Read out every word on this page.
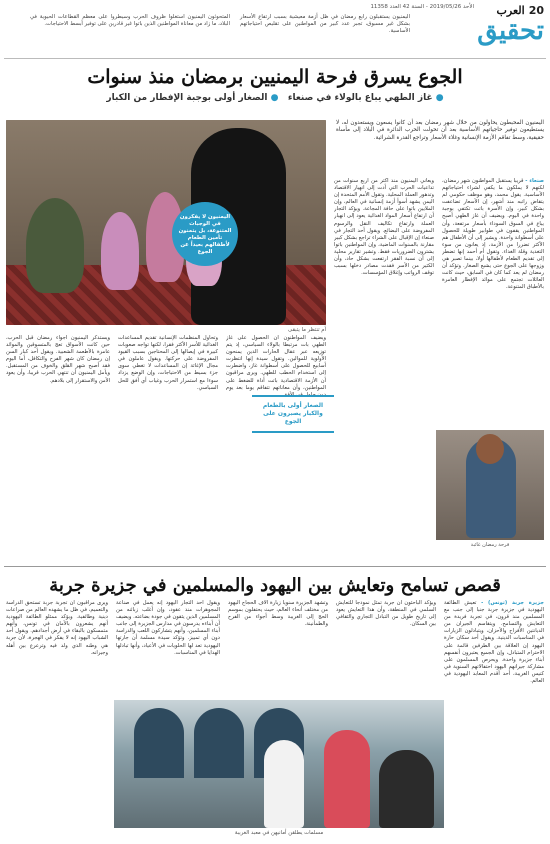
20
العرب
الأحد 2019/05/26 - السنة 42 العدد 11358
تحقيق
اليمنيون يستقبلون رابع رمضان في ظل أزمة معيشية بسبب ارتفاع الأسعار بشكل غير مسبوق، تجبر عدد كبير من المواطنين على تقليص احتياجاتهم الأساسية.
المتحوثون اليمنيون استغلوا ظروف الحرب وسيطروا على معظم القطاعات الحيوية في البلاد، ما زاد من معاناة المواطنين الذين باتوا غير قادرين على توفير أبسط الاحتياجات.
الجوع يسرق فرحة اليمنيين برمضان منذ سنوات
● غاز الطهي يباع بالولاء في صنعاء   ● الصغار أولى بوجبة الإفطار من الكبار
أم تنتظر ما يتبقى

اليمنيون المحبطون يحاولون من خلال شهر رمضان بعد أن كانوا يسعون ويستعدون له، لا يستطيعون توفير حاجياتهم الأساسية بعد أن تحولت الحرب الدائرة في البلاد إلى مأساة حقيقية، وسط تفاقم الأزمة الإنسانية وغلاء الأسعار وتراجع القدرة الشرائية.

صنعاء - قريبا يستقبل المواطنون شهر رمضان، لكنهم لا يملكون ما يكفي لشراء احتياجاتهم الأساسية. يقول محمد، وهو موظف حكومي لم يتقاض راتبه منذ أشهر، إن الأسعار تضاعفت بشكل كبير، وإن الأسرة باتت تكتفي بوجبة واحدة في اليوم. ويضيف أن غاز الطهي أصبح يباع في السوق السوداء بأسعار مرتفعة، وأن المواطنين يقفون في طوابير طويلة للحصول على أسطوانة واحدة. ويشير إلى أن الأطفال هم الأكثر تضررا من الأزمة، إذ يعانون من سوء التغذية وقلة الغذاء. وتقول أم أحمد إنها تضطر إلى تقديم الطعام لأطفالها أولا، بينما تصبر هي وزوجها على الجوع حتى يشبع الصغار. وتؤكد أن رمضان لم يعد كما كان في السابق، حيث كانت العائلات تجتمع على موائد الإفطار العامرة بالأطباق المتنوعة.
ويعاني اليمنيون منذ أكثر من أربع سنوات من تداعيات الحرب التي أدت إلى انهيار الاقتصاد وتدهور العملة المحلية. وتقول الأمم المتحدة إن اليمن يشهد أسوأ أزمة إنسانية في العالم، وإن الملايين باتوا على حافة المجاعة. ويؤكد التجار أن ارتفاع أسعار المواد الغذائية يعود إلى انهيار العملة وارتفاع تكاليف النقل والرسوم المفروضة على البضائع. ويقول أحد التجار في صنعاء إن الإقبال على الشراء تراجع بشكل كبير مقارنة بالسنوات الماضية، وإن المواطنين باتوا يشترون الضروريات فقط. وتشير تقارير محلية إلى أن نسبة الفقر ارتفعت بشكل حاد، وأن الكثير من الأسر فقدت مصادر دخلها بسبب توقف الرواتب وإغلاق المؤسسات.
ويضيف المواطنون أن الحصول على غاز الطهي بات مرتبطا بالولاء السياسي، إذ يتم توزيعه عبر عقال الحارات الذين يمنحون الأولوية للموالين. وتقول سيدة إنها انتظرت أسابيع للحصول على أسطوانة غاز، واضطرت إلى استخدام الحطب للطهي. ويرى مراقبون أن الأزمة الاقتصادية باتت أداة للضغط على المواطنين، وأن معاناتهم تتفاقم يوما بعد يوم
وتحاول المنظمات الإنسانية تقديم المساعدات الغذائية للأسر الأكثر فقرا، لكنها تواجه صعوبات كبيرة في إيصالها إلى المحتاجين بسبب القيود المفروضة على حركتها. ويقول عاملون في مجال الإغاثة إن المساعدات لا تغطي سوى جزء بسيط من الاحتياجات، وإن الوضع يزداد سوءا مع استمرار الحرب وغياب أي أفق للحل السياسي.
ويستذكر اليمنيون أجواء رمضان قبل الحرب، حين كانت الأسواق تعج بالمتسوقين والموائد عامرة بالأطعمة الشعبية. ويقول أحد كبار السن إن رمضان كان شهر الفرح والتكافل، أما اليوم فقد أصبح شهر القلق والخوف من المستقبل. ويأمل اليمنيون أن تنتهي الحرب قريبا، وأن يعود الأمن والاستقرار إلى بلادهم.
اليمنيون لا يفكرون في الوجبات المتنوعة، بل يتمنون تأمين الطعام لأطفالهم بعيداً عن الجوع
الصغار أولى بالطعام والكبار يصبرون على الجوع
فرحة رمضان غائبة
قصص تسامح وتعايش بين اليهود والمسلمين في جزيرة جربة
جزيرة جربة (تونس) - تعيش الطائفة اليهودية في جزيرة جربة جنبا إلى جنب مع المسلمين منذ قرون، في تجربة فريدة من التعايش والتسامح. ويتقاسم الجيران من الديانتين الأفراح والأحزان، ويتبادلون الزيارات في المناسبات الدينية. ويقول أحد سكان حارة اليهود إن العلاقة بين الطرفين قائمة على الاحترام المتبادل، وإن الجميع يعتبرون أنفسهم أبناء جزيرة واحدة. ويحرص المسلمون على مشاركة جيرانهم اليهود احتفالاتهم السنوية في كنيس الغريبة، أحد أقدم المعابد اليهودية في العالم.
ويؤكد الباحثون أن جربة تمثل نموذجا للتعايش السلمي في المنطقة، وأن هذا التعايش يعود إلى تاريخ طويل من التبادل التجاري والثقافي بين السكان.
وتشهد الجزيرة سنويا زيارة آلاف الحجاج اليهود من مختلف أنحاء العالم، حيث يحتفلون بموسم الحج إلى الغريبة وسط أجواء من الفرح والطمأنينة.
ويقول أحد التجار اليهود إنه يعمل في صناعة المجوهرات منذ عقود، وإن أغلب زبائنه من المسلمين الذين يثقون في جودة بضاعته. ويضيف أن أبناءه يدرسون في مدارس الجزيرة إلى جانب أبناء المسلمين، وأنهم يتشاركون اللعب والدراسة دون أي تمييز. وتؤكد سيدة مسلمة أن جارتها اليهودية تعد لها الحلويات في الأعياد، وأنها تبادلها الهدايا في المناسبات.
ويرى مراقبون أن تجربة جربة تستحق الدراسة والتعميم، في ظل ما يشهده العالم من صراعات دينية وطائفية. ويؤكد ممثلو الطائفة اليهودية أنهم يشعرون بالأمان في تونس، وأنهم متمسكون بالبقاء في أرض أجدادهم. ويقول أحد الشباب اليهود إنه لا يفكر في الهجرة، لأن جربة هي وطنه الذي ولد فيه وترعرع بين أهله وجيرانه.
مسلمات يطلقن أمانيهن في معبد الغريبة
